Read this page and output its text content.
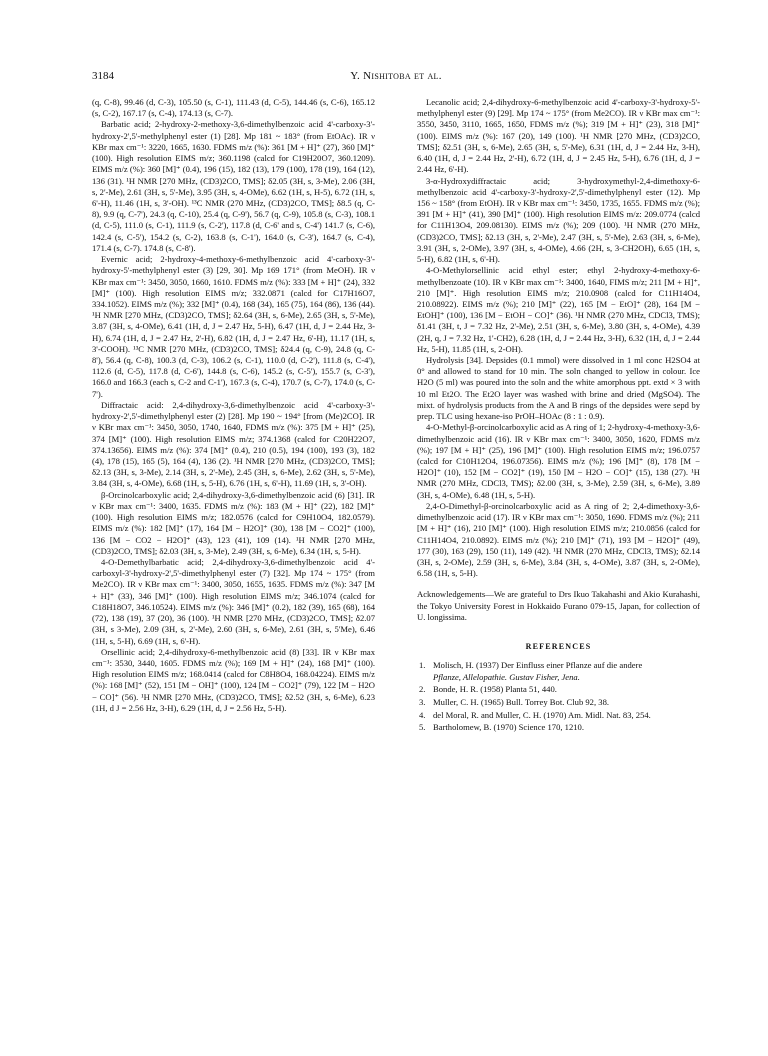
3184	Y. Nishitoba et al.

(q, C-8), 99.46 (d, C-3), 105.50 (s, C-1), 111.43 (d, C-5), 144.46 (s, C-6), 165.12 (s, C-2), 167.17 (s, C-4), 174.13 (s, C-7).

Barbatic acid; 2-hydroxy-2-methoxy-3,6-dimethylbenzoic acid 4'-carboxy-3'-hydroxy-2',5'-methylphenyl ester (1) [28]. Mp 181 ~ 183° (from EtOAc). IR ν KBr max cm⁻¹: 3220, 1665, 1630. FDMS m/z (%): 361 [M + H]⁺ (27), 360 [M]⁺ (100). High resolution EIMS m/z; 360.1198 (calcd for C19H20O7, 360.1209). EIMS m/z (%): 360 [M]⁺ (0.4), 196 (15), 182 (13), 179 (100), 178 (19), 164 (12), 136 (31). ¹H NMR [270 MHz, (CD3)2CO, TMS]; δ2.05 (3H, s, 3-Me), 2.06 (3H, s, 2'-Me), 2.61 (3H, s, 5'-Me), 3.95 (3H, s, 4-OMe), 6.62 (1H, s, H-5), 6.72 (1H, s, 6'-H), 11.46 (1H, s, 3'-OH). ¹³C NMR (270 MHz, (CD3)2CO, TMS]; δ8.5 (q, C-8), 9.9 (q, C-7'), 24.3 (q, C-10), 25.4 (q, C-9'), 56.7 (q, C-9), 105.8 (s, C-3), 108.1 (d, C-5), 111.0 (s, C-1), 111.9 (s, C-2'), 117.8 (d, C-6' and s, C-4') 141.7 (s, C-6), 142.4 (s, C-5'), 154.2 (s, C-2), 163.8 (s, C-1'), 164.0 (s, C-3'), 164.7 (s, C-4), 171.4 (s, C-7). 174.8 (s, C-8').

Evernic acid; 2-hydroxy-4-methoxy-6-methylbenzoic acid 4'-carboxy-3'-hydroxy-5'-methylphenyl ester (3) [29, 30]. Mp 169 171° (from MeOH). IR ν KBr max cm⁻¹: 3450, 3050, 1660, 1610. FDMS m/z (%): 333 [M + H]⁺ (24), 332 [M]⁺ (100). High resolution EIMS m/z; 332.0871 (calcd for C17H16O7, 334.1052). EIMS m/z (%); 332 [M]⁺ (0.4), 168 (34), 165 (75), 164 (86), 136 (44). ¹H NMR [270 MHz, (CD3)2CO, TMS]; δ2.64 (3H, s, 6-Me), 2.65 (3H, s, 5'-Me), 3.87 (3H, s, 4-OMe), 6.41 (1H, d, J = 2.47 Hz, 5-H), 6.47 (1H, d, J = 2.44 Hz, 3-H), 6.74 (1H, d, J = 2.47 Hz, 2'-H), 6.82 (1H, d, J = 2.47 Hz, 6'-H), 11.17 (1H, s, 3'-COOH). ¹³C NMR [270 MHz, (CD3)2CO, TMS]; δ24.4 (q, C-9), 24.8 (q, C-8'), 56.4 (q, C-8), 100.3 (d, C-3), 106.2 (s, C-1), 110.0 (d, C-2'), 111.8 (s, C-4'), 112.6 (d, C-5), 117.8 (d, C-6'), 144.8 (s, C-6), 145.2 (s, C-5'), 155.7 (s, C-3'), 166.0 and 166.3 (each s, C-2 and C-1'), 167.3 (s, C-4), 170.7 (s, C-7), 174.0 (s, C-7').

Diffractaic acid: 2,4-dihydroxy-3,6-dimethylbenzoic acid 4'-carboxy-3'-hydroxy-2',5'-dimethylphenyl ester (2) [28]. Mp 190 ~ 194° [from (Me)2CO]. IR ν KBr max cm⁻¹: 3450, 3050, 1740, 1640, FDMS m/z (%): 375 [M + H]⁺ (25), 374 [M]⁺ (100). High resolution EIMS m/z; 374.1368 (calcd for C20H22O7, 374.13656). EIMS m/z (%): 374 [M]⁺ (0.4), 210 (0.5), 194 (100), 193 (3), 182 (4), 178 (15), 165 (5), 164 (4), 136 (2). ¹H NMR [270 MHz, (CD3)2CO, TMS]; δ2.13 (3H, s, 3-Me), 2.14 (3H, s, 2'-Me), 2.45 (3H, s, 6-Me), 2.62 (3H, s, 5'-Me), 3.84 (3H, s, 4-OMe), 6.68 (1H, s, 5-H), 6.76 (1H, s, 6'-H), 11.69 (1H, s, 3'-OH).

β-Orcinolcarboxylic acid; 2,4-dihydroxy-3,6-dimethylbenzoic acid (6) [31]. IR ν KBr max cm⁻¹: 3400, 1635. FDMS m/z (%): 183 (M + H]⁺ (22), 182 [M]⁺ (100). High resolution EIMS m/z; 182.0576 (calcd for C9H10O4, 182.0579). EIMS m/z (%): 182 [M]⁺ (17), 164 [M − H2O]⁺ (30), 138 [M − CO2]⁺ (100), 136 [M − CO2 − H2O]⁺ (43), 123 (41), 109 (14). ¹H NMR [270 MHz, (CD3)2CO, TMS]; δ2.03 (3H, s, 3-Me), 2.49 (3H, s, 6-Me), 6.34 (1H, s, 5-H).

4-O-Demethylbarbatic acid; 2,4-dihydroxy-3,6-dimethylbenzoic acid 4'-carboxyl-3'-hydroxy-2',5'-dimethylphenyl ester (7) [32]. Mp 174 ~ 175° (from Me2CO). IR ν KBr max cm⁻¹: 3400, 3050, 1655, 1635. FDMS m/z (%): 347 [M + H]⁺ (33), 346 [M]⁺ (100). High resolution EIMS m/z; 346.1074 (calcd for C18H18O7, 346.10524). EIMS m/z (%): 346 [M]⁺ (0.2), 182 (39), 165 (68), 164 (72), 138 (19), 37 (20), 36 (100). ¹H NMR [270 MHz, (CD3)2CO, TMS]; δ2.07 (3H, s 3-Me), 2.09 (3H, s, 2'-Me), 2.60 (3H, s, 6-Me), 2.61 (3H, s, 5'Me), 6.46 (1H, s, 5-H), 6.69 (1H, s, 6'-H).

Orsellinic acid; 2,4-dihydroxy-6-methylbenzoic acid (8) [33]. IR ν KBr max cm⁻¹: 3530, 3440, 1605. FDMS m/z (%); 169 [M + H]⁺ (24), 168 [M]⁺ (100). High resolution EIMS m/z; 168.0414 (calcd for C8H8O4, 168.04224). EIMS m/z (%): 168 [M]⁺ (52), 151 [M − OH]⁺ (100), 124 [M − CO2]⁺ (79), 122 [M − H2O − CO]⁺ (56). ¹H NMR [270 MHz, (CD3)2CO, TMS]; δ2.52 (3H, s, 6-Me), 6.23 (1H, d J = 2.56 Hz, 3-H), 6.29 (1H, d, J = 2.56 Hz, 5-H).

Lecanolic acid; 2,4-dihydroxy-6-methylbenzoic acid 4'-carboxy-3'-hydroxy-5'-methylphenyl ester (9) [29]. Mp 174 ~ 175° (from Me2CO). IR ν KBr max cm⁻¹: 3550, 3450, 3110, 1665, 1650, FDMS m/z (%); 319 [M + H]⁺ (23), 318 [M]⁺ (100). EIMS m/z (%): 167 (20), 149 (100). ¹H NMR [270 MHz, (CD3)2CO, TMS]; δ2.51 (3H, s, 6-Me), 2.65 (3H, s, 5'-Me), 6.31 (1H, d, J = 2.44 Hz, 3-H), 6.40 (1H, d, J = 2.44 Hz, 2'-H), 6.72 (1H, d, J = 2.45 Hz, 5-H), 6.76 (1H, d, J = 2.44 Hz, 6'-H).

3-α-Hydroxydiffractaic acid; 3-hydroxymethyl-2,4-dimethoxy-6-methylbenzoic acid 4'-carboxy-3'-hydroxy-2',5'-dimethylphenyl ester (12). Mp 156 ~ 158° (from EtOH). IR ν KBr max cm⁻¹: 3450, 1735, 1655. FDMS m/z (%); 391 [M + H]⁺ (41), 390 [M]⁺ (100). High resolution EIMS m/z: 209.0774 (calcd for C11H13O4, 209.08130). EIMS m/z (%); 209 (100). ¹H NMR (270 MHz, (CD3)2CO, TMS]; δ2.13 (3H, s, 2'-Me), 2.47 (3H, s, 5'-Me), 2.63 (3H, s, 6-Me), 3.91 (3H, s, 2-OMe), 3.97 (3H, s, 4-OMe), 4.66 (2H, s, 3-CH2OH), 6.65 (1H, s, 5-H), 6.82 (1H, s, 6'-H).

4-O-Methylorsellinic acid ethyl ester; ethyl 2-hydroxy-4-methoxy-6-methylbenzoate (10). IR ν KBr max cm⁻¹: 3400, 1640, FIMS m/z; 211 [M + H]⁺, 210 [M]⁺. High resolution EIMS m/z; 210.0908 (calcd for C11H14O4, 210.08922). EIMS m/z (%); 210 [M]⁺ (22), 165 [M − EtO]⁺ (28), 164 [M − EtOH]⁺ (100), 136 [M − EtOH − CO]⁺ (36). ¹H NMR (270 MHz, CDCl3, TMS); δ1.41 (3H, t, J = 7.32 Hz, 2'-Me), 2.51 (3H, s, 6-Me), 3.80 (3H, s, 4-OMe), 4.39 (2H, q, J = 7.32 Hz, 1'-CH2), 6.28 (1H, d, J = 2.44 Hz, 3-H), 6.32 (1H, d, J = 2.44 Hz, 5-H), 11.85 (1H, s, 2-OH).

Hydrolysis [34]. Depsides (0.1 mmol) were dissolved in 1 ml conc H2SO4 at 0° and allowed to stand for 10 min. The soln changed to yellow in colour. Ice H2O (5 ml) was poured into the soln and the white amorphous ppt. extd × 3 with 10 ml Et2O. The Et2O layer was washed with brine and dried (MgSO4). The mixt. of hydrolysis products from the A and B rings of the depsides were sepd by prep. TLC using hexane-iso PrOH–HOAc (8 : 1 : 0.9).

4-O-Methyl-β-orcinolcarboxylic acid as A ring of 1; 2-hydroxy-4-methoxy-3,6-dimethylbenzoic acid (16). IR ν KBr max cm⁻¹: 3400, 3050, 1620, FDMS m/z (%); 197 [M + H]⁺ (25), 196 [M]⁺ (100). High resolution EIMS m/z; 196.0757 (calcd for C10H12O4, 196.07356). EIMS m/z (%); 196 [M]⁺ (8), 178 [M − H2O]⁺ (10), 152 [M − CO2]⁺ (19), 150 [M − H2O − CO]⁺ (15), 138 (27). ¹H NMR (270 MHz, CDCl3, TMS); δ2.00 (3H, s, 3-Me), 2.59 (3H, s, 6-Me), 3.89 (3H, s, 4-OMe), 6.48 (1H, s, 5-H).

2,4-O-Dimethyl-β-orcinolcarboxylic acid as A ring of 2; 2,4-dimethoxy-3,6-dimethylbenzoic acid (17). IR ν KBr max cm⁻¹: 3050, 1690. FDMS m/z (%); 211 [M + H]⁺ (16), 210 [M]⁺ (100). High resolution EIMS m/z; 210.0856 (calcd for C11H14O4, 210.0892). EIMS m/z (%); 210 [M]⁺ (71), 193 [M − H2O]⁺ (49), 177 (30), 163 (29), 150 (11), 149 (42). ¹H NMR (270 MHz, CDCl3, TMS); δ2.14 (3H, s, 2-OMe), 2.59 (3H, s, 6-Me), 3.84 (3H, s, 4-OMe), 3.87 (3H, s, 2-OMe), 6.58 (1H, s, 5-H).

Acknowledgements—We are grateful to Drs Ikuo Takahashi and Akio Kurahashi, the Tokyo University Forest in Hokkaido Furano 079-15, Japan, for collection of U. longissima.

REFERENCES

1. Molisch, H. (1937) Der Einfluss einer Pflanze auf die andere
Pflanze, Allelopathie. Gustav Fisher, Jena.
2. Bonde, H. R. (1958) Planta 51, 440.
3. Muller, C. H. (1965) Bull. Torrey Bot. Club 92, 38.
4. del Moral, R. and Muller, C. H. (1970) Am. Midl. Nat. 83, 254.
5. Bartholomew, B. (1970) Science 170, 1210.
